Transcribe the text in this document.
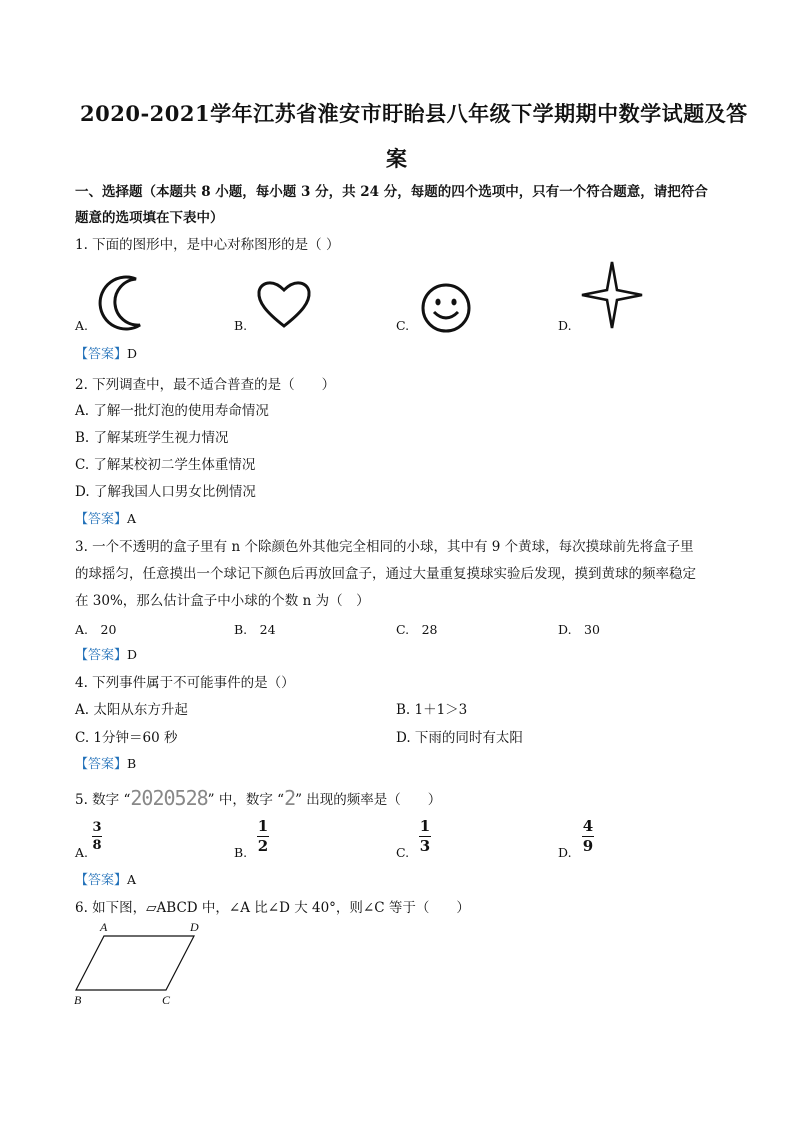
2020-2021学年江苏省淮安市盱眙县八年级下学期期中数学试题及答
案
一、选择题（本题共 8 小题，每小题 3 分，共 24 分，每题的四个选项中，只有一个符合题意，请把符合
题意的选项填在下表中）
1. 下面的图形中，是中心对称图形的是（ ）
A.	B.	C.	D.
【答案】D
2. 下列调查中，最不适合普查的是（　　）
A. 了解一批灯泡的使用寿命情况
B. 了解某班学生视力情况
C. 了解某校初二学生体重情况
D. 了解我国人口男女比例情况
【答案】A
3. 一个不透明的盒子里有 n 个除颜色外其他完全相同的小球，其中有 9 个黄球，每次摸球前先将盒子里
的球摇匀，任意摸出一个球记下颜色后再放回盒子，通过大量重复摸球实验后发现，摸到黄球的频率稳定
在 30%，那么估计盒子中小球的个数 n 为（　）
A.　20	B.　24	C.　28	D.　30
【答案】D
4. 下列事件属于不可能事件的是（）
A. 太阳从东方升起	B. 1＋1＞3
C. 1分钟＝60 秒	D. 下雨的同时有太阳
【答案】B
5. 数字 “ 2020528 ” 中，数字 “ 2 ” 出现的频率是（　　）
A.
3
8	B.
1
2	C.
1
3	D.
4
9
【答案】A
6. 如下图，▱ABCD 中，∠A 比∠D 大 40°，则∠C 等于（　　）
A	D
B	C
